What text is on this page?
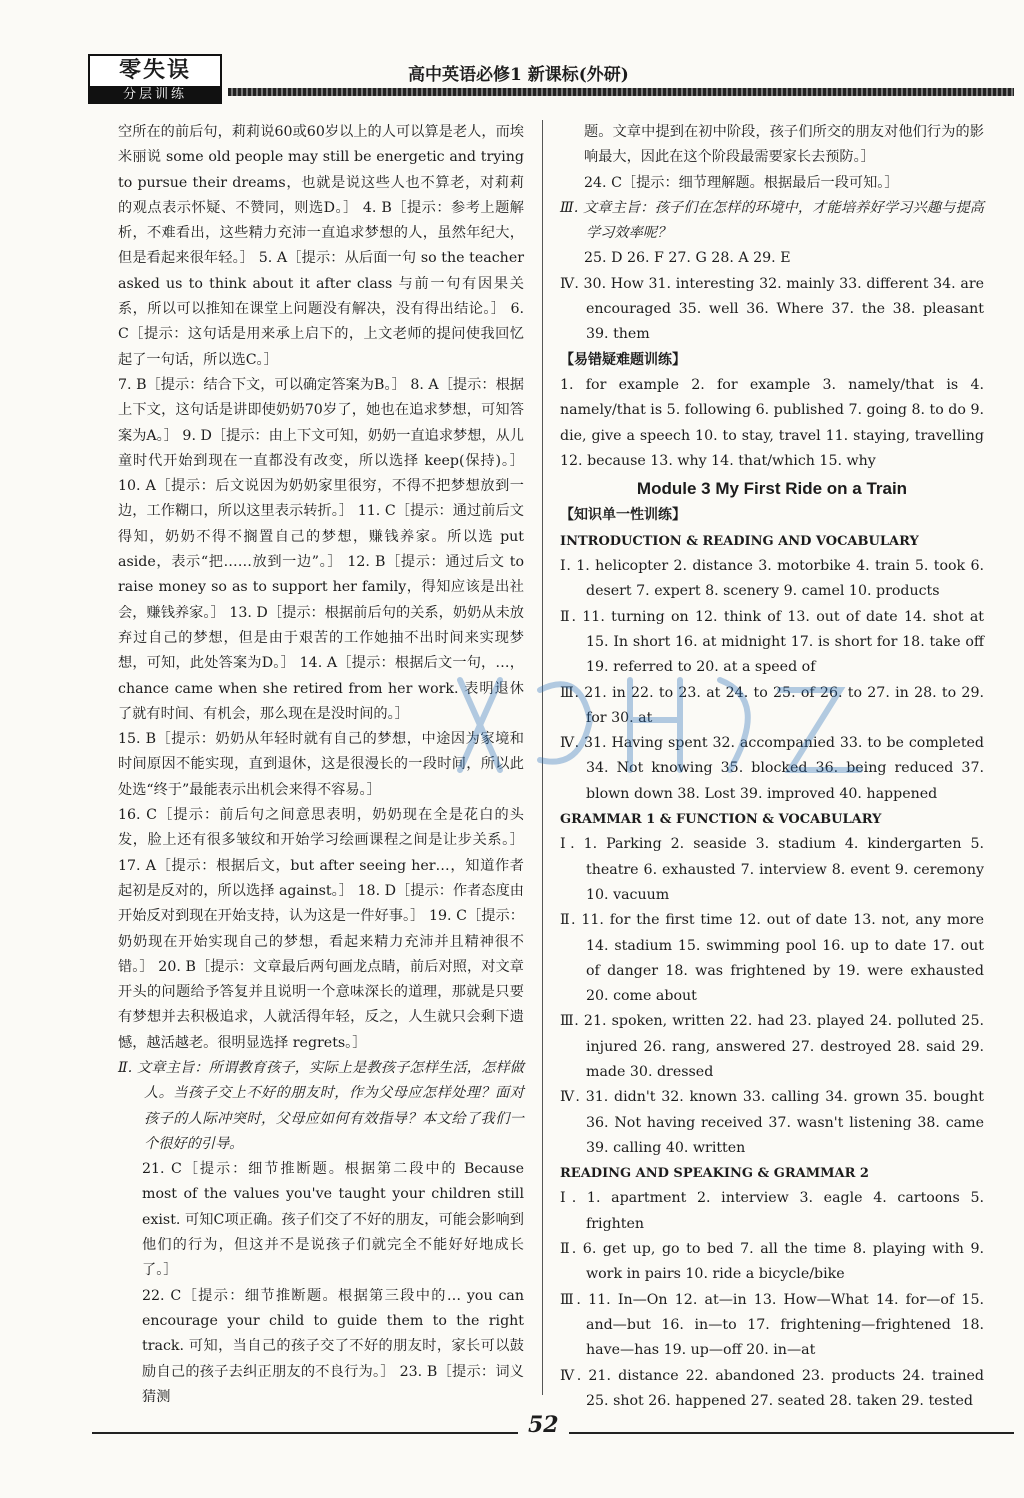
零失误
分层训练
高中英语必修1 新课标(外研)

空所在的前后句，莉莉说60或60岁以上的人可以算是老人，而埃米丽说 some old people may still be energetic and trying to pursue their dreams，也就是说这些人也不算老，对莉莉的观点表示怀疑、不赞同，则选D。］ 4. B［提示：参考上题解析，不难看出，这些精力充沛一直追求梦想的人，虽然年纪大，但是看起来很年轻。］ 5. A［提示：从后面一句 so the teacher asked us to think about it after class 与前一句有因果关系，所以可以推知在课堂上问题没有解决，没有得出结论。］ 6. C［提示：这句话是用来承上启下的，上文老师的提问使我回忆起了一句话，所以选C。］

7. B［提示：结合下文，可以确定答案为B。］ 8. A［提示：根据上下文，这句话是讲即使奶奶70岁了，她也在追求梦想，可知答案为A。］ 9. D［提示：由上下文可知，奶奶一直追求梦想，从儿童时代开始到现在一直都没有改变，所以选择 keep(保持)。］ 10. A［提示：后文说因为奶奶家里很穷，不得不把梦想放到一边，工作糊口，所以这里表示转折。］ 11. C［提示：通过前后文得知，奶奶不得不搁置自己的梦想，赚钱养家。所以选 put aside，表示“把……放到一边”。］ 12. B［提示：通过后文 to raise money so as to support her family，得知应该是出社会，赚钱养家。］ 13. D［提示：根据前后句的关系，奶奶从未放弃过自己的梦想，但是由于艰苦的工作她抽不出时间来实现梦想，可知，此处答案为D。］ 14. A［提示：根据后文一句，…，chance came when she retired from her work. 表明退休了就有时间、有机会，那么现在是没时间的。］

15. B［提示：奶奶从年轻时就有自己的梦想，中途因为家境和时间原因不能实现，直到退休，这是很漫长的一段时间，所以此处选“终于”最能表示出机会来得不容易。］

16. C［提示：前后句之间意思表明，奶奶现在全是花白的头发，脸上还有很多皱纹和开始学习绘画课程之间是让步关系。］ 17. A［提示：根据后文，but after seeing her…，知道作者起初是反对的，所以选择 against。］ 18. D［提示：作者态度由开始反对到现在开始支持，认为这是一件好事。］ 19. C［提示：奶奶现在开始实现自己的梦想，看起来精力充沛并且精神很不错。］ 20. B［提示：文章最后两句画龙点睛，前后对照，对文章开头的问题给予答复并且说明一个意味深长的道理，那就是只要有梦想并去积极追求，人就活得年轻，反之，人生就只会剩下遗憾，越活越老。很明显选择 regrets。］

Ⅱ. 文章主旨：所谓教育孩子，实际上是教孩子怎样生活，怎样做人。当孩子交上不好的朋友时，作为父母应怎样处理？面对孩子的人际冲突时，父母应如何有效指导？本文给了我们一个很好的引导。

21. C［提示：细节推断题。根据第二段中的 Because most of the values you've taught your children still exist. 可知C项正确。孩子们交了不好的朋友，可能会影响到他们的行为，但这并不是说孩子们就完全不能好好地成长了。］

22. C［提示：细节推断题。根据第三段中的… you can encourage your child to guide them to the right track. 可知，当自己的孩子交了不好的朋友时，家长可以鼓励自己的孩子去纠正朋友的不良行为。］ 23. B［提示：词义猜测

题。文章中提到在初中阶段，孩子们所交的朋友对他们行为的影响最大，因此在这个阶段最需要家长去预防。］

24. C［提示：细节理解题。根据最后一段可知。］

Ⅲ. 文章主旨：孩子们在怎样的环境中，才能培养好学习兴趣与提高学习效率呢？

25. D 26. F 27. G 28. A 29. E

Ⅳ. 30. How 31. interesting 32. mainly 33. different 34. are encouraged 35. well 36. Where 37. the 38. pleasant 39. them

【易错疑难题训练】

1. for example 2. for example 3. namely/that is 4. namely/that is 5. following 6. published 7. going 8. to do 9. die, give a speech 10. to stay, travel 11. staying, travelling 12. because 13. why 14. that/which 15. why

Module 3 My First Ride on a Train

【知识单一性训练】

INTRODUCTION & READING AND VOCABULARY

Ⅰ. 1. helicopter 2. distance 3. motorbike 4. train 5. took 6. desert 7. expert 8. scenery 9. camel 10. products

Ⅱ. 11. turning on 12. think of 13. out of date 14. shot at 15. In short 16. at midnight 17. is short for 18. take off 19. referred to 20. at a speed of

Ⅲ. 21. in 22. to 23. at 24. to 25. of 26. to 27. in 28. to 29. for 30. at

Ⅳ. 31. Having spent 32. accompanied 33. to be completed 34. Not knowing 35. blocked 36. being reduced 37. blown down 38. Lost 39. improved 40. happened

GRAMMAR 1 & FUNCTION & VOCABULARY

Ⅰ. 1. Parking 2. seaside 3. stadium 4. kindergarten 5. theatre 6. exhausted 7. interview 8. event 9. ceremony 10. vacuum

Ⅱ. 11. for the first time 12. out of date 13. not, any more 14. stadium 15. swimming pool 16. up to date 17. out of danger 18. was frightened by 19. were exhausted 20. come about

Ⅲ. 21. spoken, written 22. had 23. played 24. polluted 25. injured 26. rang, answered 27. destroyed 28. said 29. made 30. dressed

Ⅳ. 31. didn't 32. known 33. calling 34. grown 35. bought 36. Not having received 37. wasn't listening 38. came 39. calling 40. written

READING AND SPEAKING & GRAMMAR 2

Ⅰ. 1. apartment 2. interview 3. eagle 4. cartoons 5. frighten

Ⅱ. 6. get up, go to bed 7. all the time 8. playing with 9. work in pairs 10. ride a bicycle/bike

Ⅲ. 11. In—On 12. at—in 13. How—What 14. for—of 15. and—but 16. in—to 17. frightening—frightened 18. have—has 19. up—off 20. in—at

Ⅳ. 21. distance 22. abandoned 23. products 24. trained 25. shot 26. happened 27. seated 28. taken 29. tested

52
